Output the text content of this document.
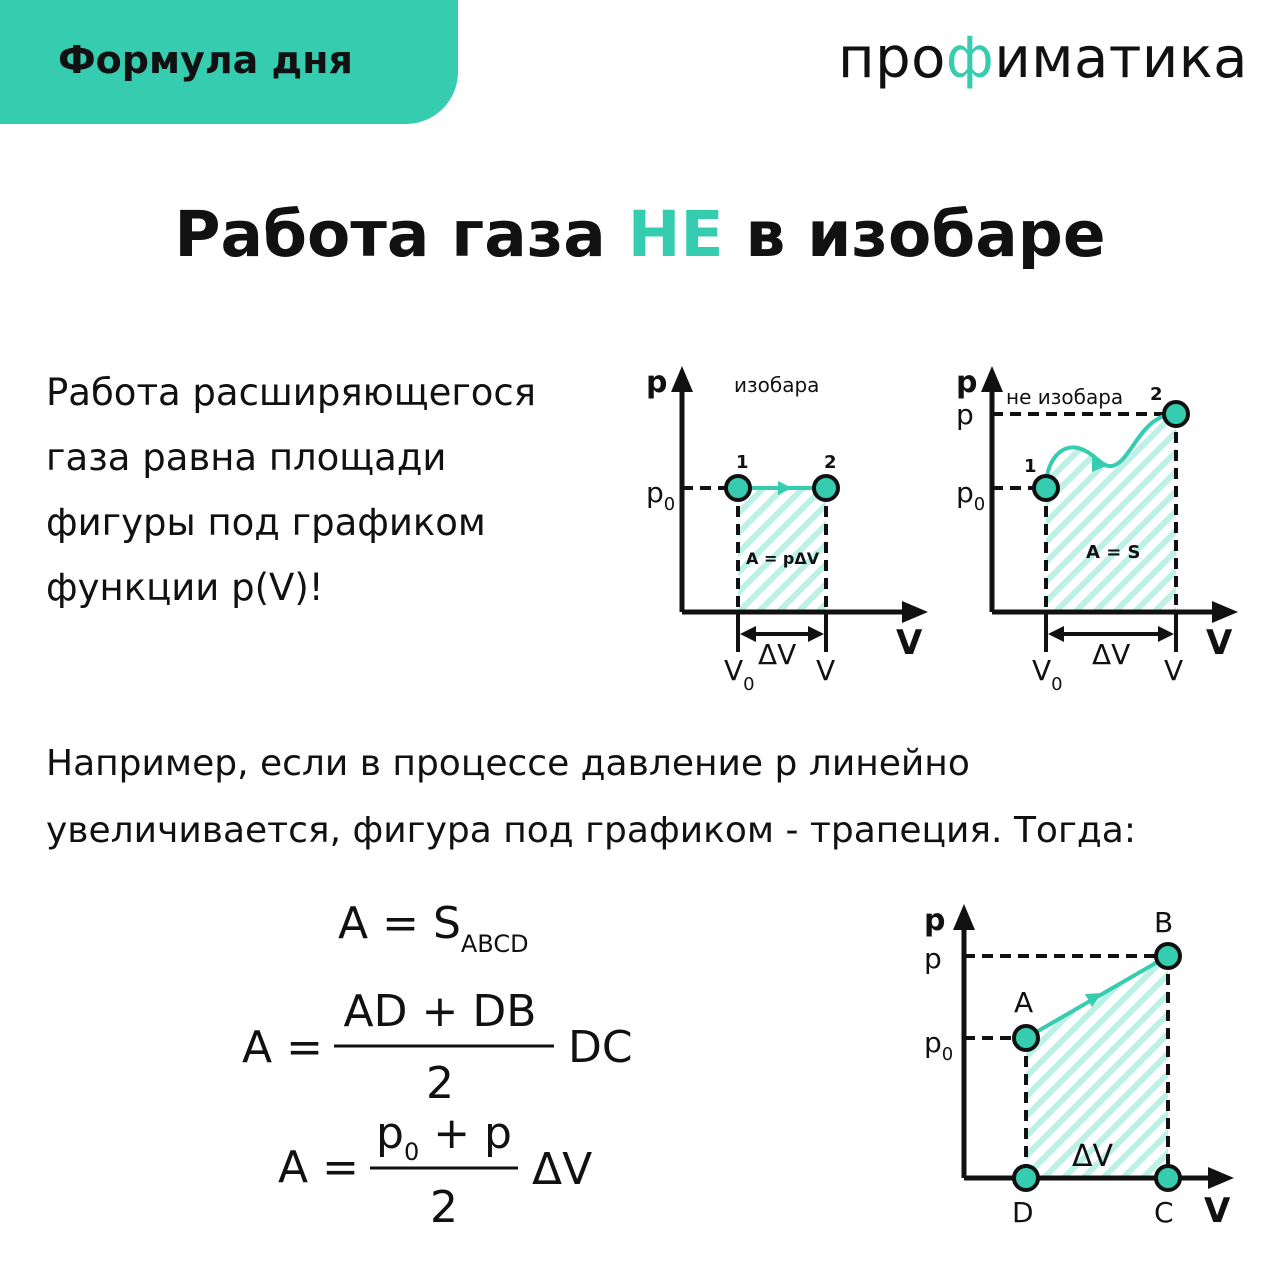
Формула дня	профиматика
Работа газа НЕ в изобаре
Работа расширяющегося
газа равна площади
фигуры под графиком
функции p(V)!
p
V
изобара
$p_0$
1	2
A = pΔV
$V_0$
ΔV V
p
V
не изобара
p
$p_0$
1
2
A = S
$V_0$
ΔV V
Например, если в процессе давление p линейно
увеличивается, фигура под графиком - трапеция. Тогда:
$A = S_{ABCD}$
A =
AD + DB
2
DC
A =
$p_0 + p$
2
ΔV
p
V
p
$p_0$
A
B
C
D
ΔV
